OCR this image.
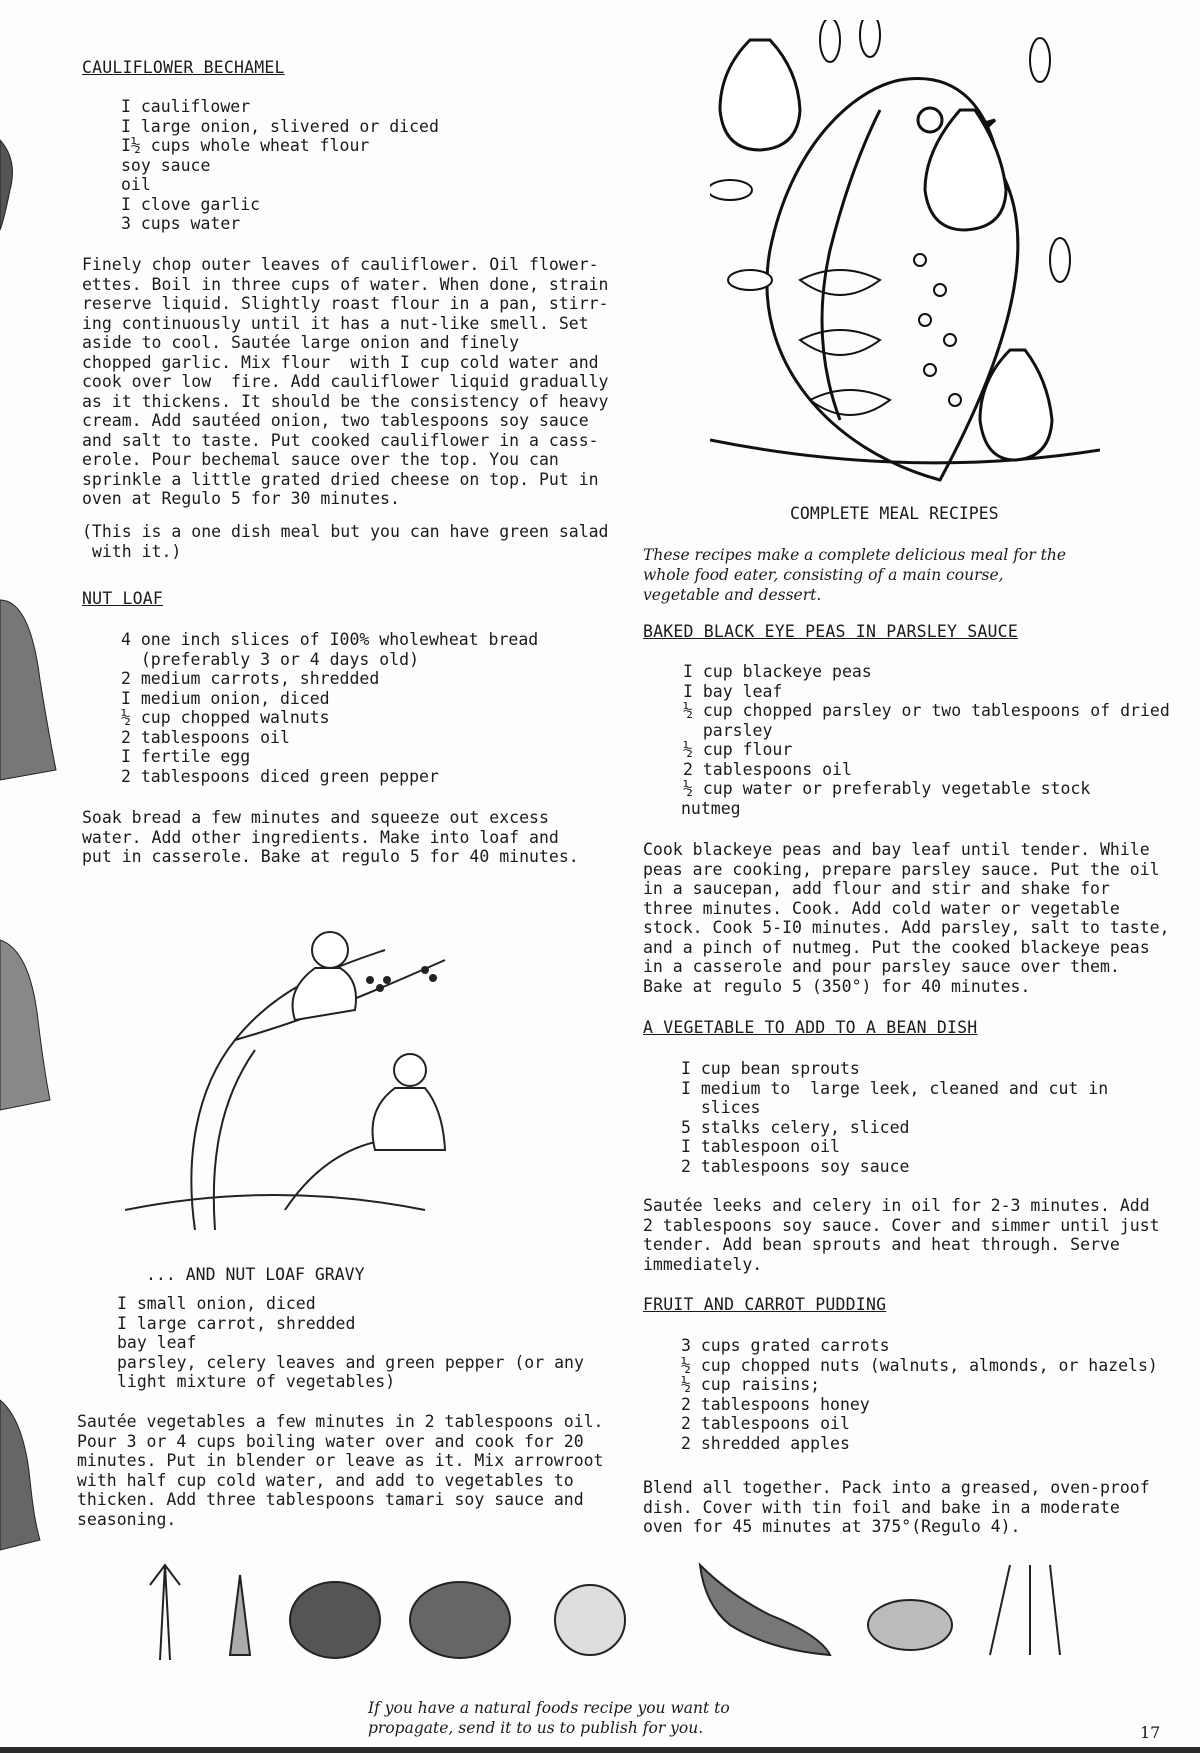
CAULIFLOWER BECHAMEL
I cauliflower
I large onion, slivered or diced
I½ cups whole wheat flour
soy sauce
oil
I clove garlic
3 cups water

Finely chop outer leaves of cauliflower. Oil flower-
ettes. Boil in three cups of water. When done, strain
reserve liquid. Slightly roast flour in a pan, stirr-
ing continuously until it has a nut-like smell. Set
aside to cool. Sautée large onion and finely
chopped garlic. Mix flour  with I cup cold water and
cook over low  fire. Add cauliflower liquid gradually
as it thickens. It should be the consistency of heavy
cream. Add sautéed onion, two tablespoons soy sauce
and salt to taste. Put cooked cauliflower in a cass-
erole. Pour bechemal sauce over the top. You can
sprinkle a little grated dried cheese on top. Put in
oven at Regulo 5 for 30 minutes.

(This is a one dish meal but you can have green salad
with it.)

NUT LOAF
4 one inch slices of I00% wholewheat bread
(preferably 3 or 4 days old)
2 medium carrots, shredded
I medium onion, diced
½ cup chopped walnuts
2 tablespoons oil
I fertile egg
2 tablespoons diced green pepper

Soak bread a few minutes and squeeze out excess
water. Add other ingredients. Make into loaf and
put in casserole. Bake at regulo 5 for 40 minutes.

... AND NUT LOAF GRAVY
I small onion, diced
I large carrot, shredded
bay leaf
parsley, celery leaves and green pepper (or any
light mixture of vegetables)

Sautée vegetables a few minutes in 2 tablespoons oil.
Pour 3 or 4 cups boiling water over and cook for 20
minutes. Put in blender or leave as it. Mix arrowroot
with half cup cold water, and add to vegetables to
thicken. Add three tablespoons tamari soy sauce and
seasoning.

COMPLETE MEAL RECIPES

These recipes make a complete delicious meal for the
whole food eater, consisting of a main course,
vegetable and dessert.

BAKED BLACK EYE PEAS IN PARSLEY SAUCE
I cup blackeye peas
I bay leaf
½ cup chopped parsley or two tablespoons of dried
parsley
½ cup flour
2 tablespoons oil
½ cup water or preferably vegetable stock
nutmeg

Cook blackeye peas and bay leaf until tender. While
peas are cooking, prepare parsley sauce. Put the oil
in a saucepan, add flour and stir and shake for
three minutes. Cook. Add cold water or vegetable
stock. Cook 5-I0 minutes. Add parsley, salt to taste,
and a pinch of nutmeg. Put the cooked blackeye peas
in a casserole and pour parsley sauce over them.
Bake at regulo 5 (350°) for 40 minutes.

A VEGETABLE TO ADD TO A BEAN DISH
I cup bean sprouts
I medium to  large leek, cleaned and cut in
slices
5 stalks celery, sliced
I tablespoon oil
2 tablespoons soy sauce

Sautée leeks and celery in oil for 2-3 minutes. Add
2 tablespoons soy sauce. Cover and simmer until just
tender. Add bean sprouts and heat through. Serve
immediately.

FRUIT AND CARROT PUDDING
3 cups grated carrots
½ cup chopped nuts (walnuts, almonds, or hazels)
½ cup raisins;
2 tablespoons honey
2 tablespoons oil
2 shredded apples

Blend all together. Pack into a greased, oven-proof
dish. Cover with tin foil and bake in a moderate
oven for 45 minutes at 375°(Regulo 4).

If you have a natural foods recipe you want to
propagate, send it to us to publish for you.	17
